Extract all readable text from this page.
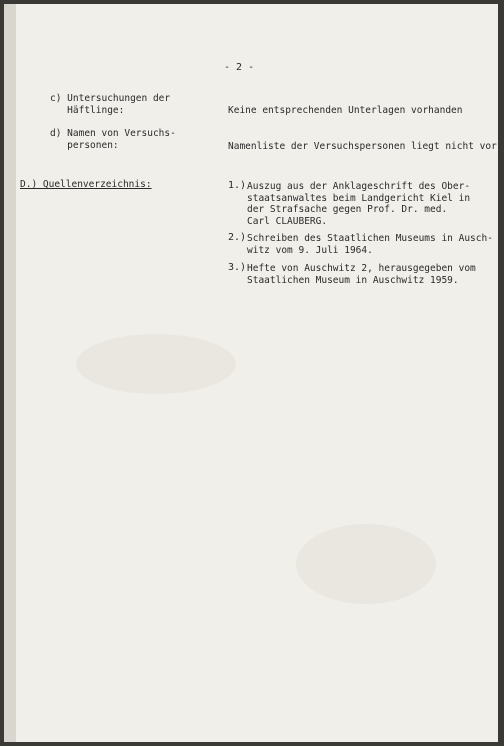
- 2 -
c) Untersuchungen der
Häftlinge:	Keine entsprechenden Unterlagen vorhanden
d) Namen von Versuchs-
personen:	Namenliste der Versuchspersonen liegt nicht vor
D.) Quellenverzeichnis:	1.) Auszug aus der Anklageschrift des Ober-
staatsanwaltes beim Landgericht Kiel in
der Strafsache gegen Prof. Dr. med.
Carl CLAUBERG.
2.) Schreiben des Staatlichen Museums in Ausch-
witz vom 9. Juli 1964.
3.) Hefte von Auschwitz 2, herausgegeben vom
Staatlichen Museum in Auschwitz 1959.
